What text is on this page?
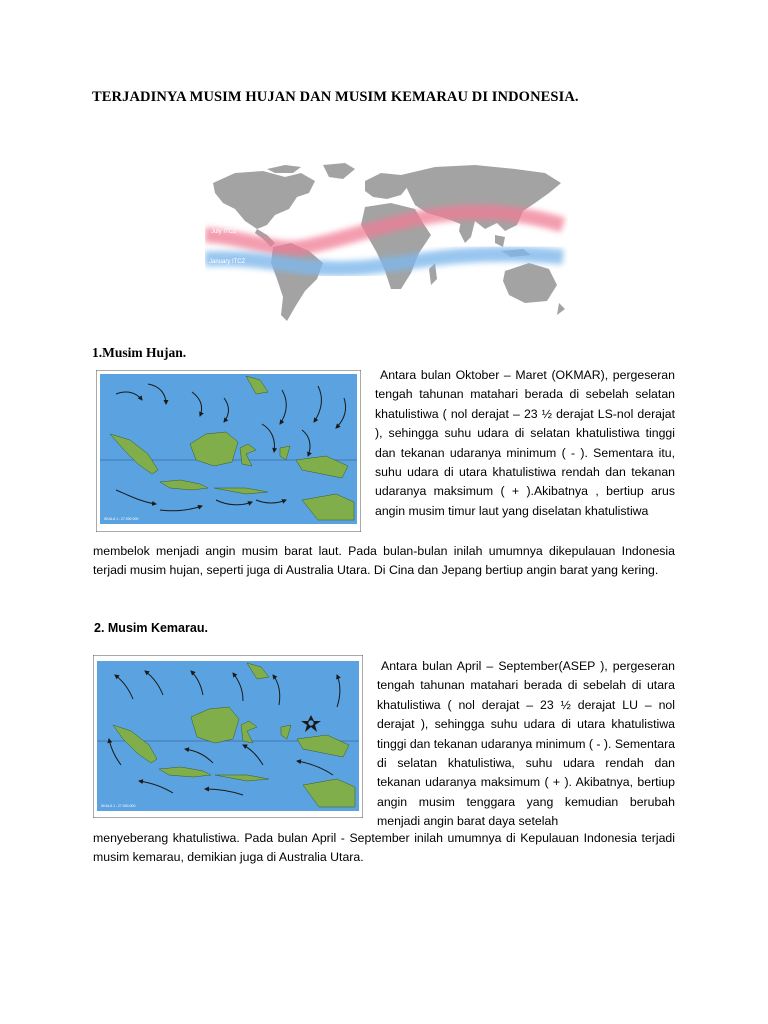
TERJADINYA MUSIM HUJAN DAN MUSIM KEMARAU DI INDONESIA.
July ITCZ
January ITCZ
1.Musim Hujan.
SKALA 1 : 27.000.000
Antara bulan Oktober – Maret (OKMAR), pergeseran tengah tahunan matahari berada di sebelah selatan khatulistiwa ( nol derajat – 23 ½ derajat LS-nol derajat ), sehingga suhu udara di selatan khatulistiwa tinggi dan tekanan udaranya minimum ( - ). Sementara itu, suhu udara di utara khatulistiwa rendah dan tekanan udaranya maksimum ( + ).Akibatnya , bertiup arus angin musim timur laut yang diselatan khatulistiwa
membelok menjadi angin musim barat laut. Pada bulan-bulan inilah umumnya dikepulauan Indonesia terjadi musim hujan, seperti juga di Australia Utara. Di Cina dan Jepang bertiup angin barat yang kering.
2. Musim Kemarau.
SKALA 1 : 27.000.000
Antara bulan April – September(ASEP ), pergeseran tengah tahunan matahari berada di sebelah di utara khatulistiwa ( nol derajat – 23 ½ derajat LU – nol derajat ), sehingga suhu udara di utara khatulistiwa tinggi dan tekanan udaranya minimum ( - ). Sementara di selatan khatulistiwa, suhu udara rendah dan tekanan udaranya maksimum ( + ). Akibatnya, bertiup angin musim tenggara yang kemudian berubah menjadi angin barat daya setelah
menyeberang khatulistiwa. Pada bulan April - September inilah umumnya di Kepulauan Indonesia terjadi musim kemarau, demikian juga di Australia Utara.
